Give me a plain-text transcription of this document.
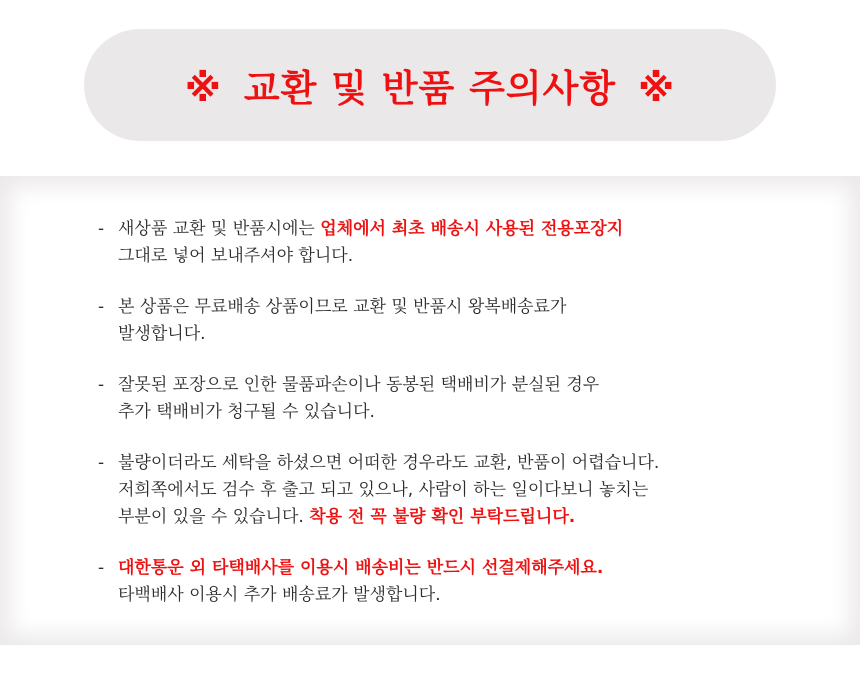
※ 교환 및 반품 주의사항 ※
- 새상품 교환 및 반품시에는 업체에서 최초 배송시 사용된 전용포장지
그대로 넣어 보내주셔야 합니다.
- 본 상품은 무료배송 상품이므로 교환 및 반품시 왕복배송료가
발생합니다.
- 잘못된 포장으로 인한 물품파손이나 동봉된 택배비가 분실된 경우
추가 택배비가 청구될 수 있습니다.
- 불량이더라도 세탁을 하셨으면 어떠한 경우라도 교환, 반품이 어렵습니다.
저희쪽에서도 검수 후 출고 되고 있으나, 사람이 하는 일이다보니 놓치는
부분이 있을 수 있습니다. 착용 전 꼭 불량 확인 부탁드립니다.
- 대한통운 외 타택배사를 이용시 배송비는 반드시 선결제해주세요.
타백배사 이용시 추가 배송료가 발생합니다.
